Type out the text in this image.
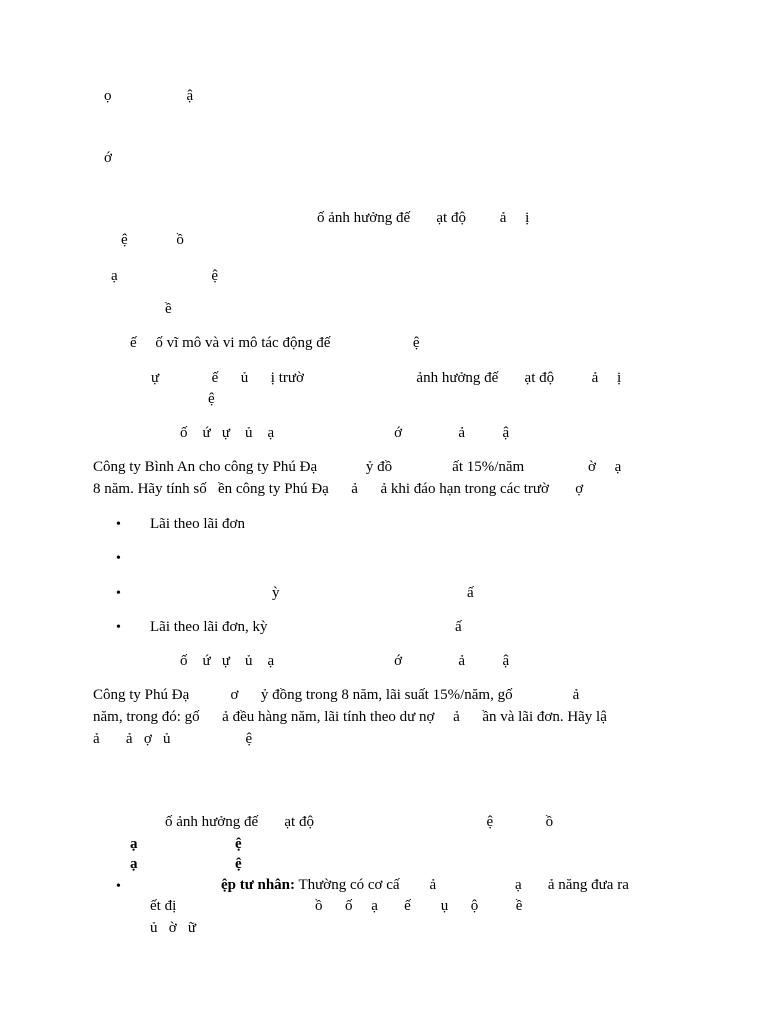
ọ                    ậ
ớ
ố ảnh hưởng đế       ạt độ         ả     ị
ệ             ồ
ạ                         ệ
ề
ế     ố vĩ mô và vi mô tác động đế                      ệ
ự              ế      ủ      ị trườ                              ảnh hưởng đế       ạt độ          ả     ị
ệ
ố    ứ   ự    ủ    ạ                                ớ               ả          ậ
Công ty Bình An cho công ty Phú Đạ             ỷ đồ                ất 15%/năm                 ờ     ạ
8 năm. Hãy tính số   ền công ty Phú Đạ      ả      ả khi đáo hạn trong các trườ       ợ
• Lãi theo lãi đơn
•
•	ỳ                                                  ấ
• Lãi theo lãi đơn, kỳ                                                  ấ
ố    ứ   ự    ủ    ạ                                ớ               ả          ậ
Công ty Phú Đạ           ơ      ỷ đồng trong 8 năm, lãi suất 15%/năm, gố                ả
năm, trong đó: gố      ả đều hàng năm, lãi tính theo dư nợ     ả      ần và lãi đơn. Hãy lậ
ả       ả   ợ   ủ                    ệ
ố ảnh hưởng đế       ạt độ                                              ệ              ồ
ạ                          ệ
ạ                          ệ
•	ệp tư nhân: Thường có cơ cấ        ả                     ạ       ả năng đưa ra
ết đị                                     ồ      ố     ạ       ế        ụ      ộ          ề
ủ   ờ   ữ
